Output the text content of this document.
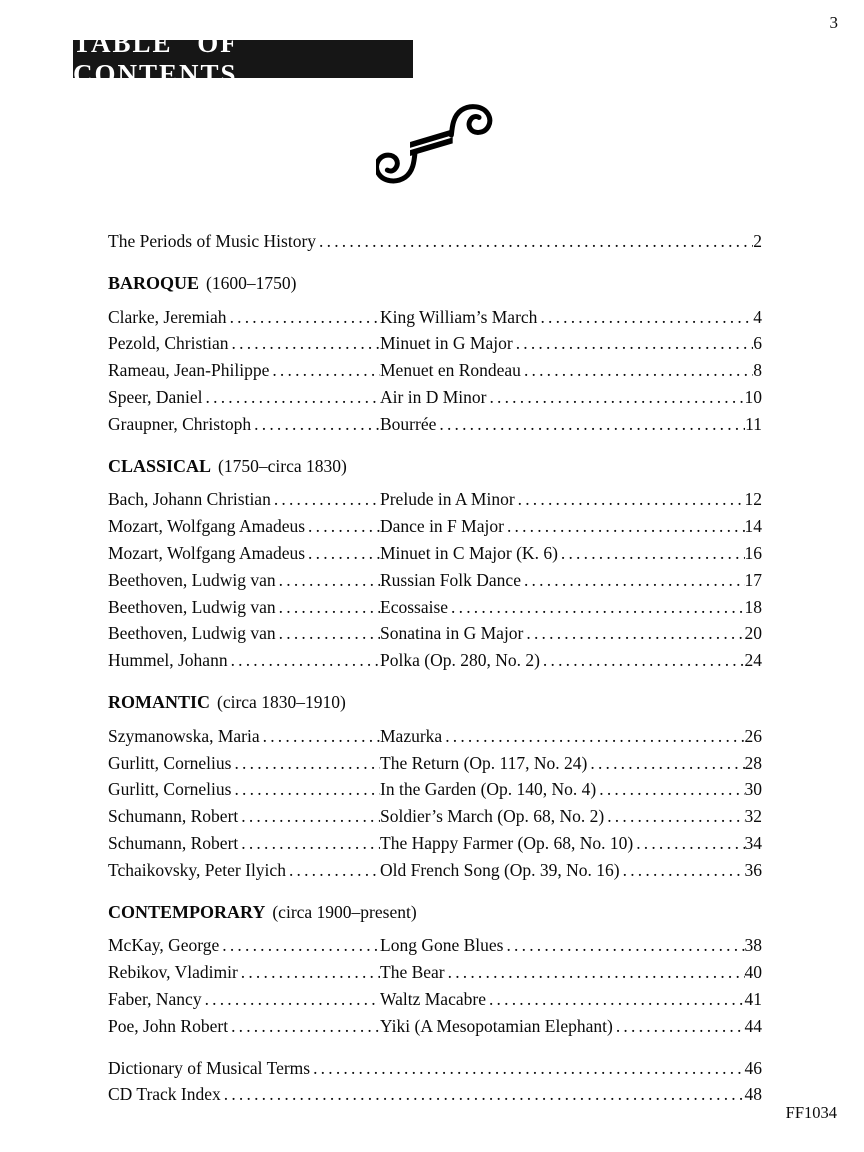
3
TABLE OF CONTENTS
The Periods of Music History .....	2
BAROQUE (1600–1750)
Clarke, Jeremiah .....	King William’s March .....	4
Pezold, Christian .....	Minuet in G Major .....	6
Rameau, Jean-Philippe .....	Menuet en Rondeau .....	8
Speer, Daniel .....	Air in D Minor .....	10
Graupner, Christoph .....	Bourrée .....	11
CLASSICAL (1750–circa 1830)
Bach, Johann Christian .....	Prelude in A Minor .....	12
Mozart, Wolfgang Amadeus .....	Dance in F Major .....	14
Mozart, Wolfgang Amadeus .....	Minuet in C Major (K. 6) .....	16
Beethoven, Ludwig van .....	Russian Folk Dance .....	17
Beethoven, Ludwig van .....	Ecossaise .....	18
Beethoven, Ludwig van .....	Sonatina in G Major .....	20
Hummel, Johann .....	Polka (Op. 280, No. 2) .....	24
ROMANTIC (circa 1830–1910)
Szymanowska, Maria .....	Mazurka .....	26
Gurlitt, Cornelius .....	The Return (Op. 117, No. 24) .....	28
Gurlitt, Cornelius .....	In the Garden (Op. 140, No. 4) .....	30
Schumann, Robert .....	Soldier’s March (Op. 68, No. 2) .....	32
Schumann, Robert .....	The Happy Farmer (Op. 68, No. 10) .....	34
Tchaikovsky, Peter Ilyich .....	Old French Song (Op. 39, No. 16) .....	36
CONTEMPORARY (circa 1900–present)
McKay, George .....	Long Gone Blues .....	38
Rebikov, Vladimir .....	The Bear .....	40
Faber, Nancy .....	Waltz Macabre .....	41
Poe, John Robert .....	Yiki (A Mesopotamian Elephant) .....	44
Dictionary of Musical Terms .....	46
CD Track Index .....	48
FF1034
